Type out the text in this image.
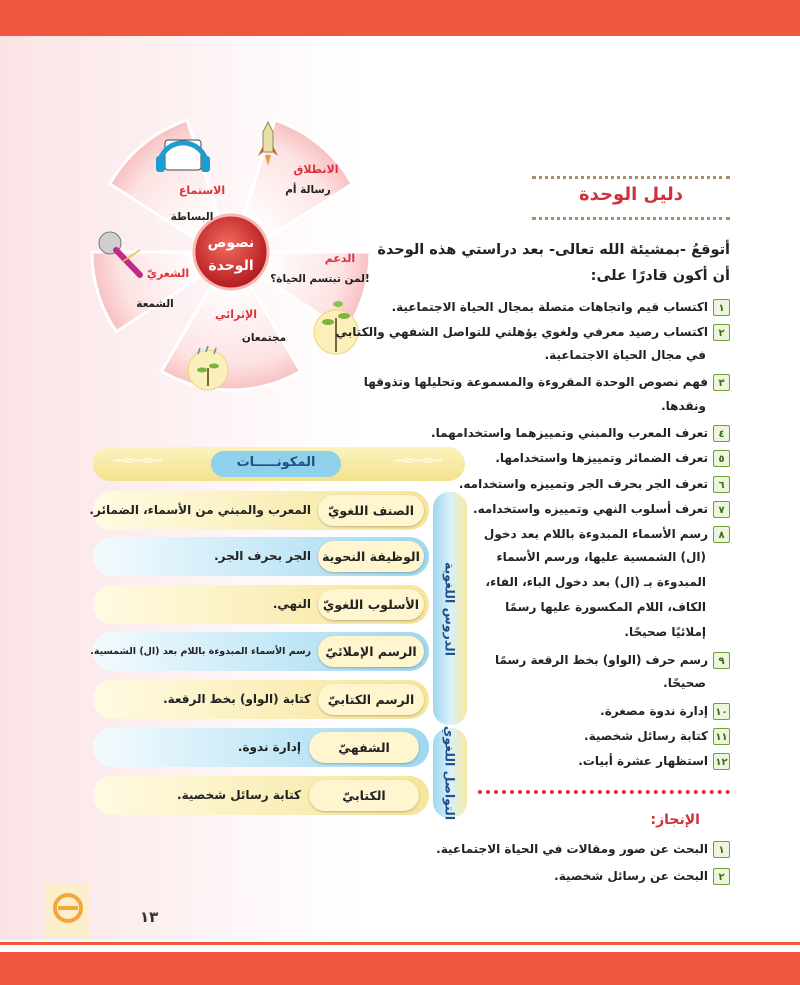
نصوص
الوحدة
الانطلاق
رسالة أم
الدعم
لمن تبتسم الحياة؟!
الإثرائي
مجتمعان
الشعريّ
الشمعة
الاستماع
البساطة
دليل الوحدة
أتوقعُ -بمشيئة الله تعالى- بعد دراستي هذه الوحدة
أن أكون قادرًا على:
١اكتساب قيم واتجاهات متصلة بمجال الحياة الاجتماعية.
٢اكتساب رصيد معرفي ولغوي يؤهلني للتواصل الشفهي والكتابي
في مجال الحياة الاجتماعية.
٣فهم نصوص الوحدة المقروءة والمسموعة وتحليلها وتذوقها
ونقدها.
٤تعرف المعرب والمبني وتمييزهما واستخدامهما.
٥تعرف الضمائر وتمييزها واستخدامها.
٦تعرف الجر بحرف الجر وتمييزه واستخدامه.
٧تعرف أسلوب النهي وتمييزه واستخدامه.
٨رسم الأسماء المبدوءة باللام بعد دخول
(ال) الشمسية عليها، ورسم الأسماء
المبدوءة بـ (ال) بعد دخول الباء، الفاء،
الكاف، اللام المكسورة عليها رسمًا
إملائيًا صحيحًا.
٩رسم حرف (الواو) بخط الرقعة رسمًا
صحيحًا.
١٠إدارة ندوة مصغرة.
١١كتابة رسائل شخصية.
١٢استظهار عشرة أبيات.
الإنجاز:
١البحث عن صور ومقالات في الحياة الاجتماعية.
٢البحث عن رسائل شخصية.
~≈~≈~	المكونـــــات	~≈~≈~
الدروس اللغوية
التواصل اللغوي
الصنف اللغويّ
المعرب والمبني من الأسماء، الضمائر.
الوظيفة النحوية
الجر بحرف الجر.
الأسلوب اللغويّ
النهي.
الرسم الإملائيّ
رسم الأسماء المبدوءة باللام بعد (ال) الشمسية.
الرسم الكتابيّ
كتابة (الواو) بخط الرقعة.
الشفهيّ
إدارة ندوة.
الكتابيّ
كتابة رسائل شخصية.
١٣
